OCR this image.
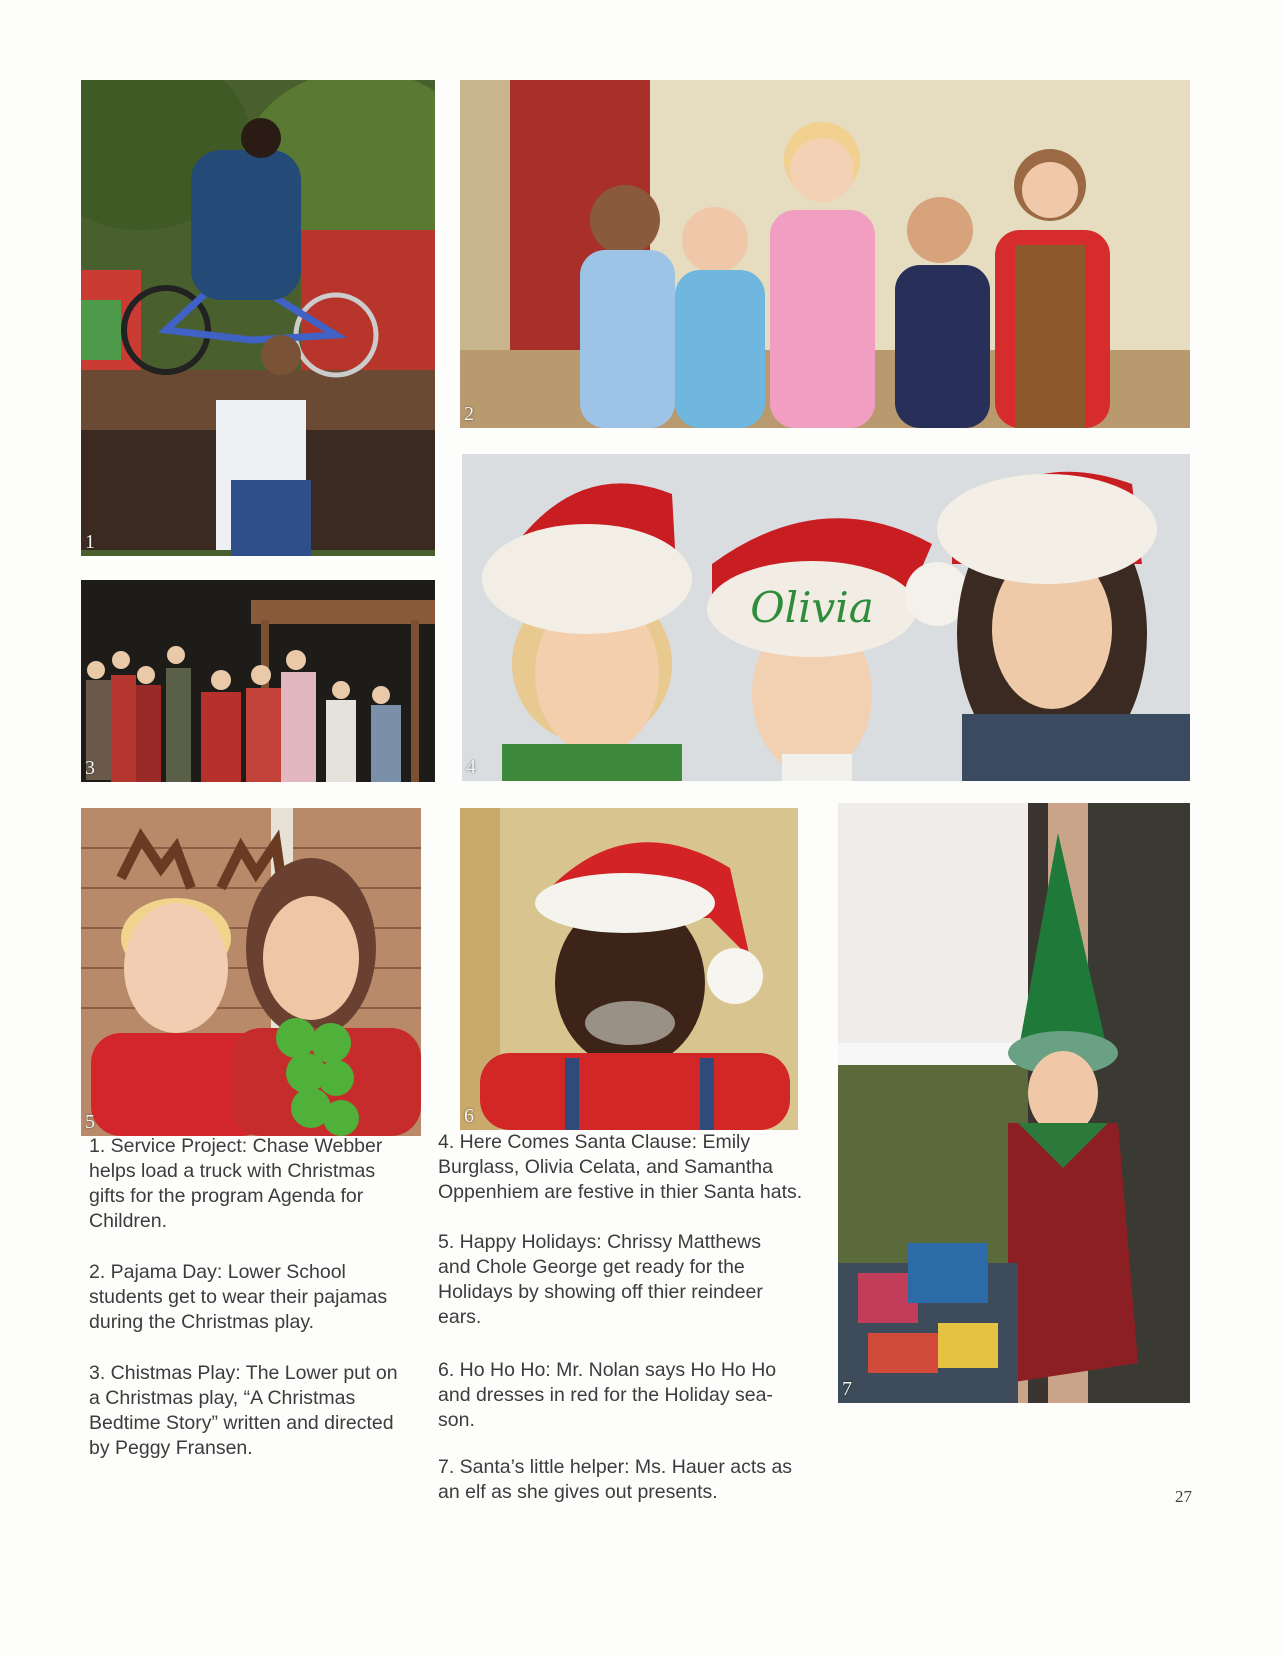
1
2
3
Olivia
4
5	6
7

1. Service Project: Chase Webber
helps load a truck with Christmas
gifts for the program Agenda for
Children.

2. Pajama Day: Lower School
students get to wear their pajamas
during the Christmas play.

3. Chistmas Play: The Lower put on
a Christmas play, “A Christmas
Bedtime Story” written and directed
by Peggy Fransen.

4. Here Comes Santa Clause: Emily
Burglass, Olivia Celata, and Samantha
Oppenhiem are festive in thier Santa hats.

5. Happy Holidays: Chrissy Matthews
and Chole George get ready for the
Holidays by showing off thier reindeer
ears.

6. Ho Ho Ho: Mr. Nolan says Ho Ho Ho
and dresses in red for the Holiday sea-
son.

7. Santa’s little helper: Ms. Hauer acts as
an elf as she gives out presents.	27
